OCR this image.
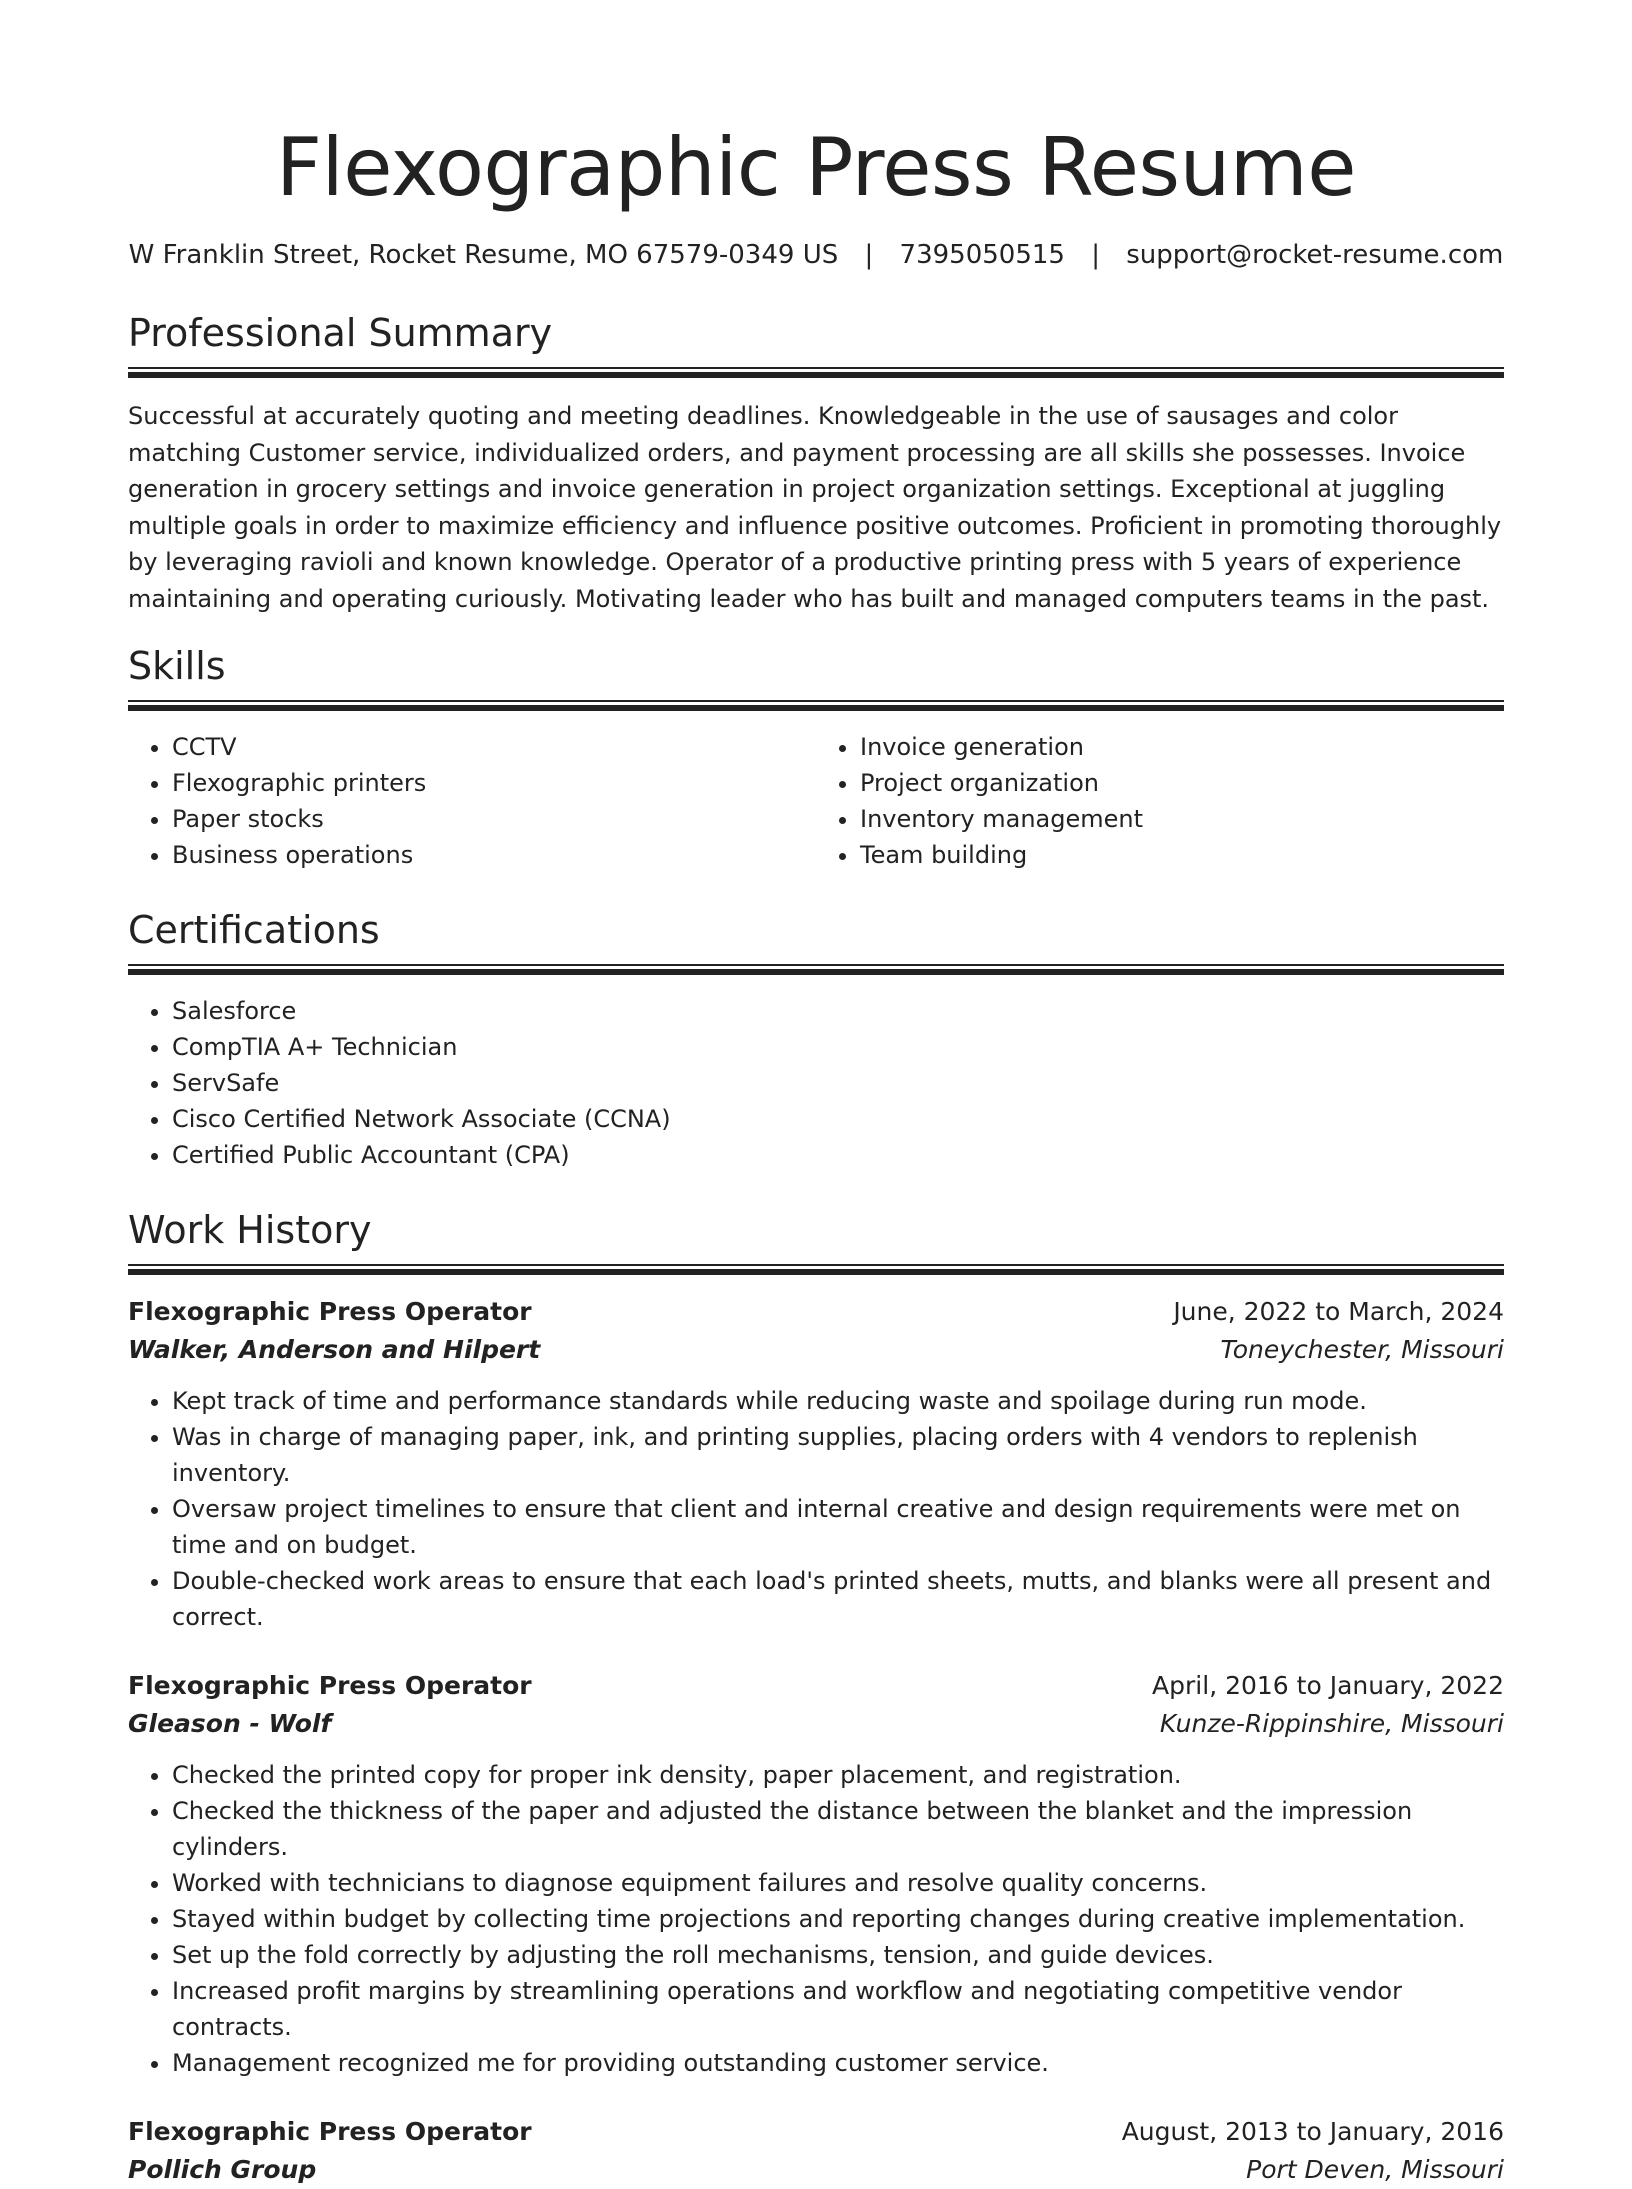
Flexographic Press Resume
W Franklin Street, Rocket Resume, MO 67579-0349 US | 7395050515 | support@rocket-resume.com
Professional Summary

Successful at accurately quoting and meeting deadlines. Knowledgeable in the use of sausages and color matching Customer service, individualized orders, and payment processing are all skills she possesses. Invoice generation in grocery settings and invoice generation in project organization settings. Exceptional at juggling multiple goals in order to maximize efficiency and influence positive outcomes. Proficient in promoting thoroughly by leveraging ravioli and known knowledge. Operator of a productive printing press with 5 years of experience maintaining and operating curiously. Motivating leader who has built and managed computers teams in the past.

Skills
• CCTV
• Flexographic printers
• Paper stocks
• Business operations
• Invoice generation
• Project organization
• Inventory management
• Team building
Certifications
• Salesforce
• CompTIA A+ Technician
• ServSafe
• Cisco Certified Network Associate (CCNA)
• Certified Public Accountant (CPA)
Work History
Flexographic Press Operator	June, 2022 to March, 2024
Walker, Anderson and Hilpert	Toneychester, Missouri
• Kept track of time and performance standards while reducing waste and spoilage during run mode.
• Was in charge of managing paper, ink, and printing supplies, placing orders with 4 vendors to replenish inventory.
• Oversaw project timelines to ensure that client and internal creative and design requirements were met on time and on budget.
• Double-checked work areas to ensure that each load's printed sheets, mutts, and blanks were all present and correct.
Flexographic Press Operator	April, 2016 to January, 2022
Gleason - Wolf	Kunze-Rippinshire, Missouri
• Checked the printed copy for proper ink density, paper placement, and registration.
• Checked the thickness of the paper and adjusted the distance between the blanket and the impression cylinders.
• Worked with technicians to diagnose equipment failures and resolve quality concerns.
• Stayed within budget by collecting time projections and reporting changes during creative implementation.
• Set up the fold correctly by adjusting the roll mechanisms, tension, and guide devices.
• Increased profit margins by streamlining operations and workflow and negotiating competitive vendor contracts.
• Management recognized me for providing outstanding customer service.
Flexographic Press Operator	August, 2013 to January, 2016
Pollich Group	Port Deven, Missouri
